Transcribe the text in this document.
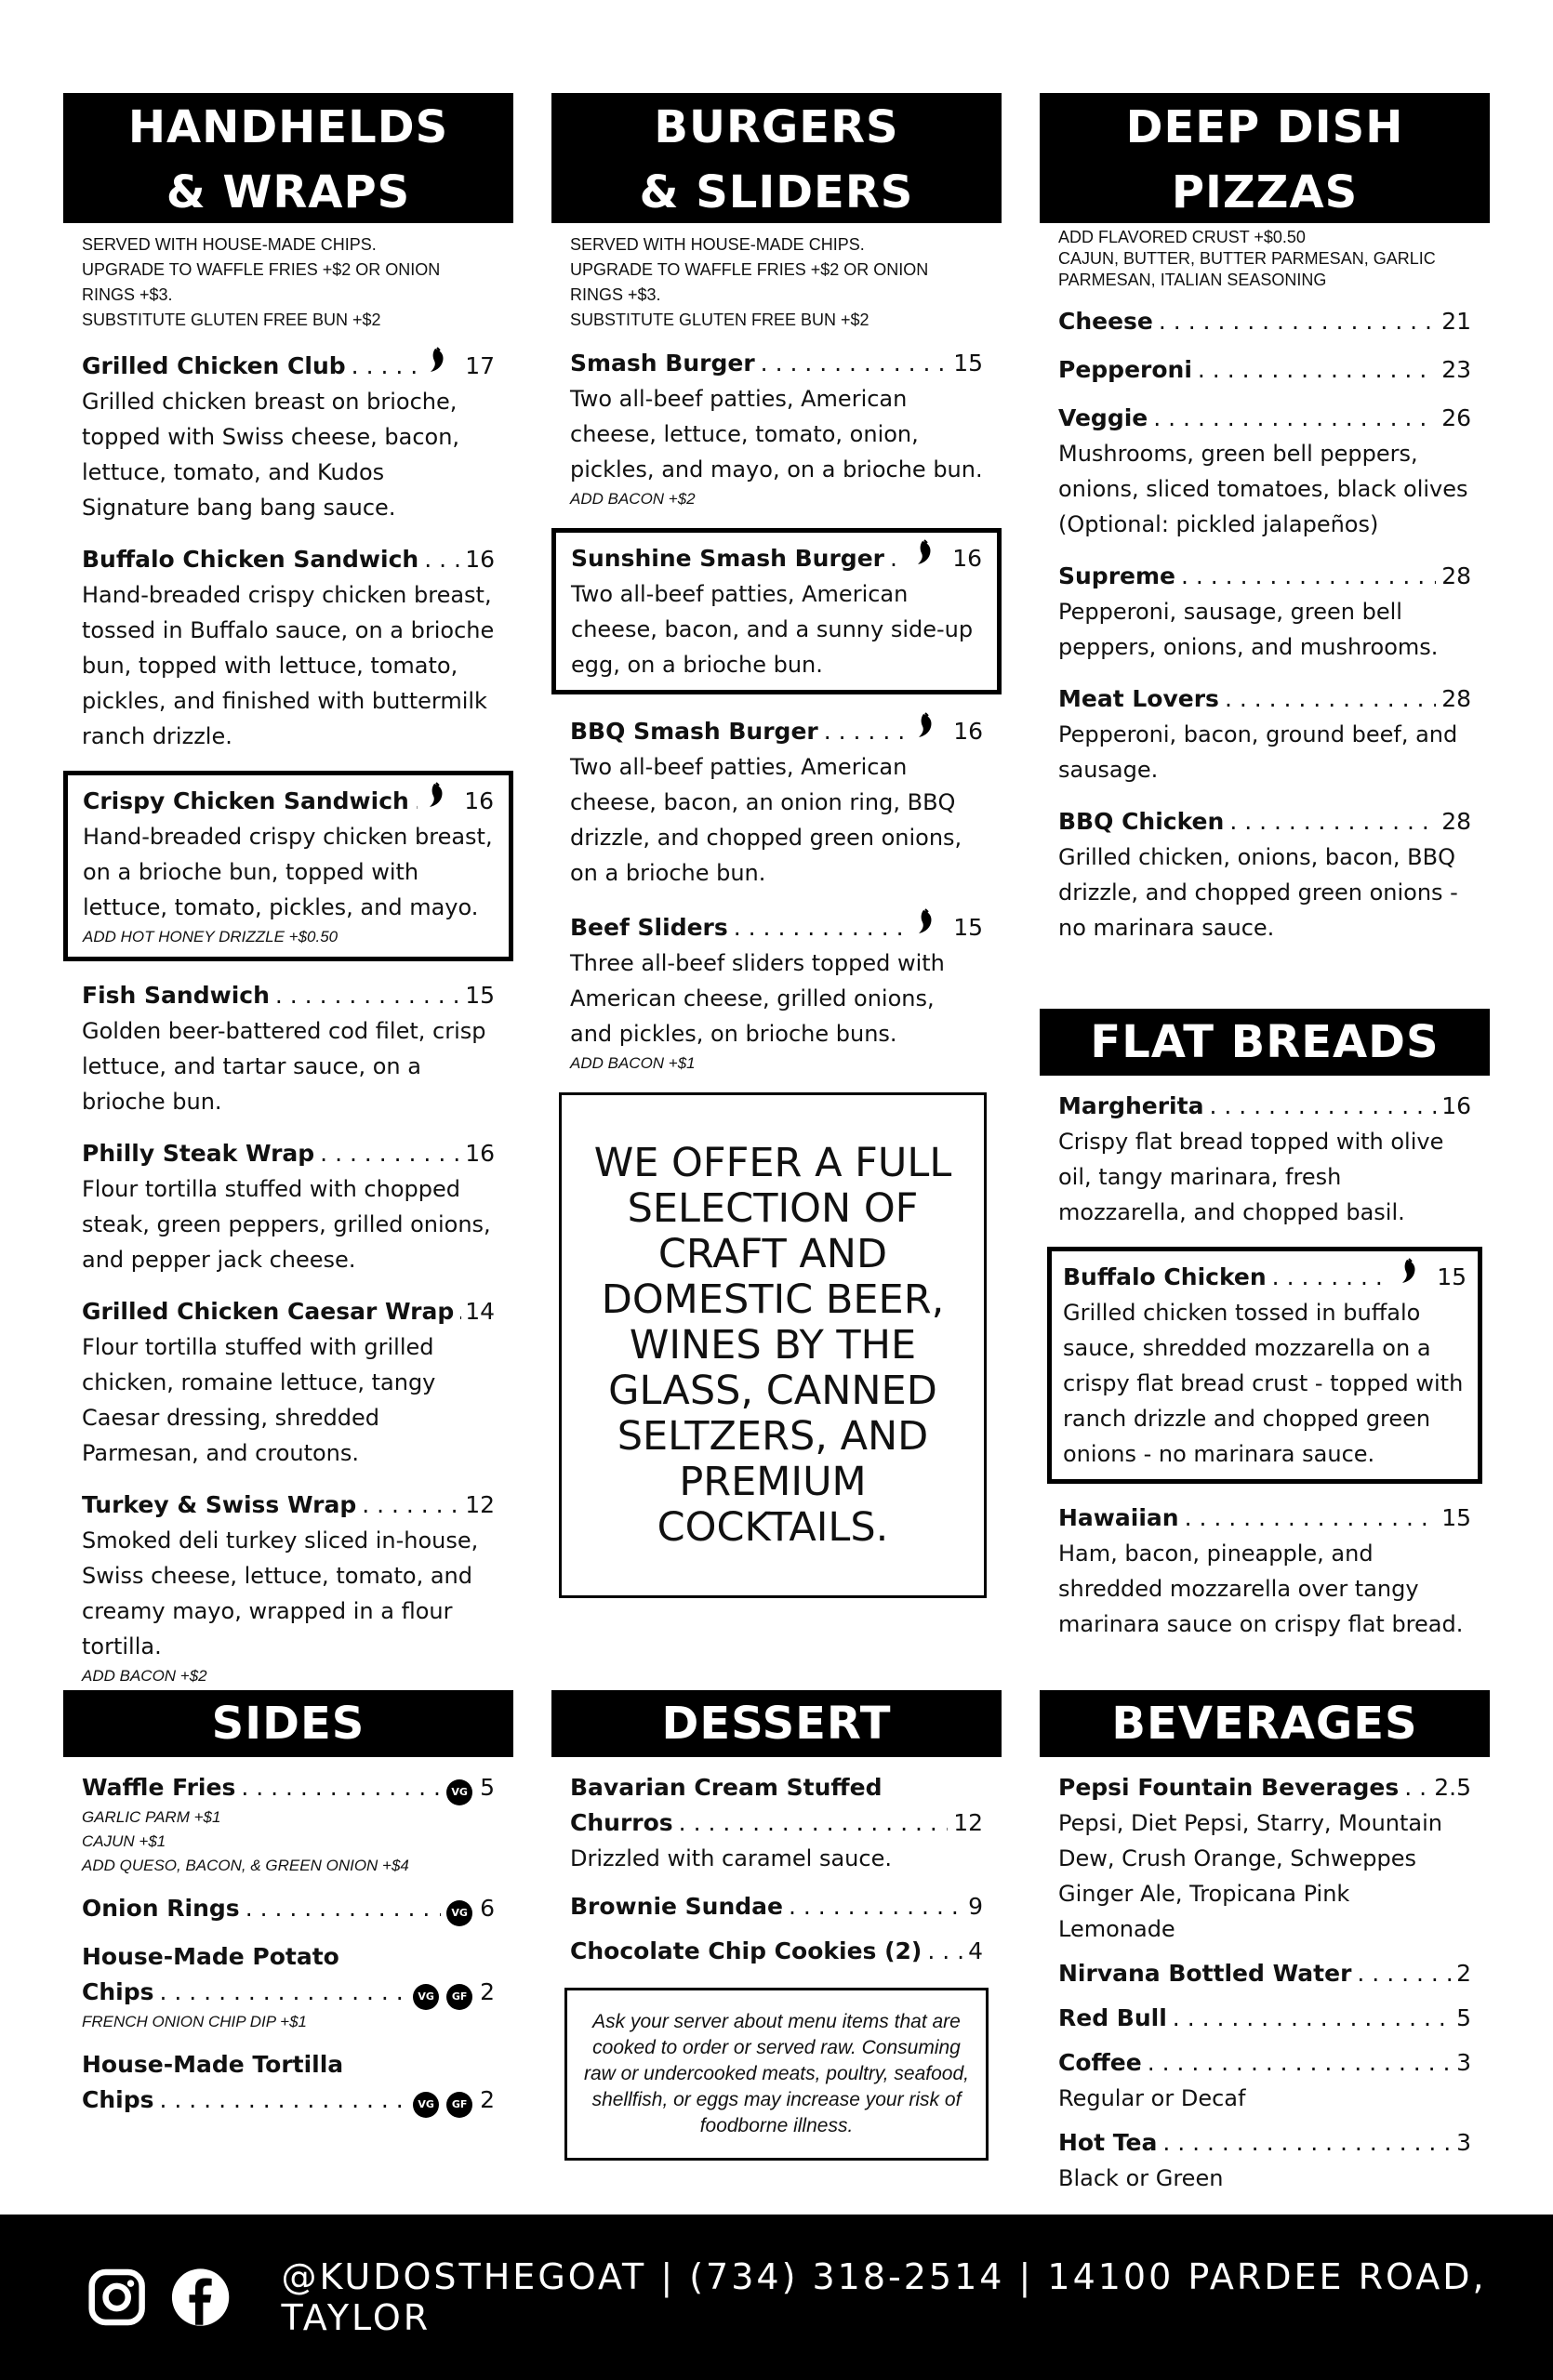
HANDHELDS
& WRAPS
SERVED WITH HOUSE-MADE CHIPS.
UPGRADE TO WAFFLE FRIES +$2 OR ONION RINGS +$3.
SUBSTITUTE GLUTEN FREE BUN +$2
Grilled Chicken Club . . .	17
Grilled chicken breast on brioche, topped with Swiss cheese, bacon, lettuce, tomato, and Kudos Signature bang bang sauce.
Buffalo Chicken Sandwich . . . 16
Hand-breaded crispy chicken breast, tossed in Buffalo sauce, on a brioche bun, topped with lettuce, tomato, pickles, and finished with buttermilk ranch drizzle.
Crispy Chicken Sandwich . . . 16
Hand-breaded crispy chicken breast, on a brioche bun, topped with lettuce, tomato, pickles, and mayo.
ADD HOT HONEY DRIZZLE +$0.50
Fish Sandwich . . .	15
Golden beer-battered cod filet, crisp lettuce, and tartar sauce, on a brioche bun.
Philly Steak Wrap . . .	16
Flour tortilla stuffed with chopped steak, green peppers, grilled onions, and pepper jack cheese.
Grilled Chicken Caesar Wrap . . . 14
Flour tortilla stuffed with grilled chicken, romaine lettuce, tangy Caesar dressing, shredded Parmesan, and croutons.
Turkey & Swiss Wrap . . .	12
Smoked deli turkey sliced in-house, Swiss cheese, lettuce, tomato, and creamy mayo, wrapped in a flour tortilla.
ADD BACON +$2
BURGERS
& SLIDERS
SERVED WITH HOUSE-MADE CHIPS.
UPGRADE TO WAFFLE FRIES +$2 OR ONION RINGS +$3.
SUBSTITUTE GLUTEN FREE BUN +$2
Smash Burger . . .	15
Two all-beef patties, American cheese, lettuce, tomato, onion, pickles, and mayo, on a brioche bun.
ADD BACON +$2
Sunshine Smash Burger . . .	16
Two all-beef patties, American cheese, bacon, and a sunny side-up egg, on a brioche bun.
BBQ Smash Burger . . .	16
Two all-beef patties, American cheese, bacon, an onion ring, BBQ drizzle, and chopped green onions, on a brioche bun.
Beef Sliders . . .	15
Three all-beef sliders topped with American cheese, grilled onions, and pickles, on brioche buns.
ADD BACON +$1
WE OFFER A FULL SELECTION OF CRAFT AND DOMESTIC BEER, WINES BY THE GLASS, CANNED SELTZERS, AND PREMIUM COCKTAILS.
DEEP DISH
PIZZAS
ADD FLAVORED CRUST +$0.50
CAJUN, BUTTER, BUTTER PARMESAN, GARLIC PARMESAN, ITALIAN SEASONING
Cheese . . .	21
Pepperoni . . .	23
Veggie . . .	26
Mushrooms, green bell peppers, onions, sliced tomatoes, black olives (Optional: pickled jalapeños)
Supreme . . .	28
Pepperoni, sausage, green bell peppers, onions, and mushrooms.
Meat Lovers . . .	28
Pepperoni, bacon, ground beef, and sausage.
BBQ Chicken . . .	28
Grilled chicken, onions, bacon, BBQ drizzle, and chopped green onions - no marinara sauce.
FLAT BREADS
Margherita . . .	16
Crispy flat bread topped with olive oil, tangy marinara, fresh mozzarella, and chopped basil.
Buffalo Chicken . . .	15
Grilled chicken tossed in buffalo sauce, shredded mozzarella on a crispy flat bread crust - topped with ranch drizzle and chopped green onions - no marinara sauce.
Hawaiian . . .	15
Ham, bacon, pineapple, and shredded mozzarella over tangy marinara sauce on crispy flat bread.
SIDES
Waffle Fries . . .	VG 5
GARLIC PARM +$1
CAJUN +$1
ADD QUESO, BACON, & GREEN ONION +$4
Onion Rings . . .	VG 6
House-Made Potato
Chips . . .	VG	GF 2
FRENCH ONION CHIP DIP +$1
House-Made Tortilla
Chips . . .	VG	GF 2
DESSERT
Bavarian Cream Stuffed
Churros . . .	12
Drizzled with caramel sauce.
Brownie Sundae . . .	9
Chocolate Chip Cookies (2) . . . 4
Ask your server about menu items that are cooked to order or served raw. Consuming raw or undercooked meats, poultry, seafood, shellfish, or eggs may increase your risk of foodborne illness.
BEVERAGES
Pepsi Fountain Beverages . . . 2.5
Pepsi, Diet Pepsi, Starry, Mountain Dew, Crush Orange, Schweppes Ginger Ale, Tropicana Pink Lemonade
Nirvana Bottled Water . . .	2
Red Bull . . .	5
Coffee . . .	3
Regular or Decaf
Hot Tea . . .	3
Black or Green
@KUDOSTHEGOAT | (734) 318-2514 | 14100 PARDEE ROAD, TAYLOR
